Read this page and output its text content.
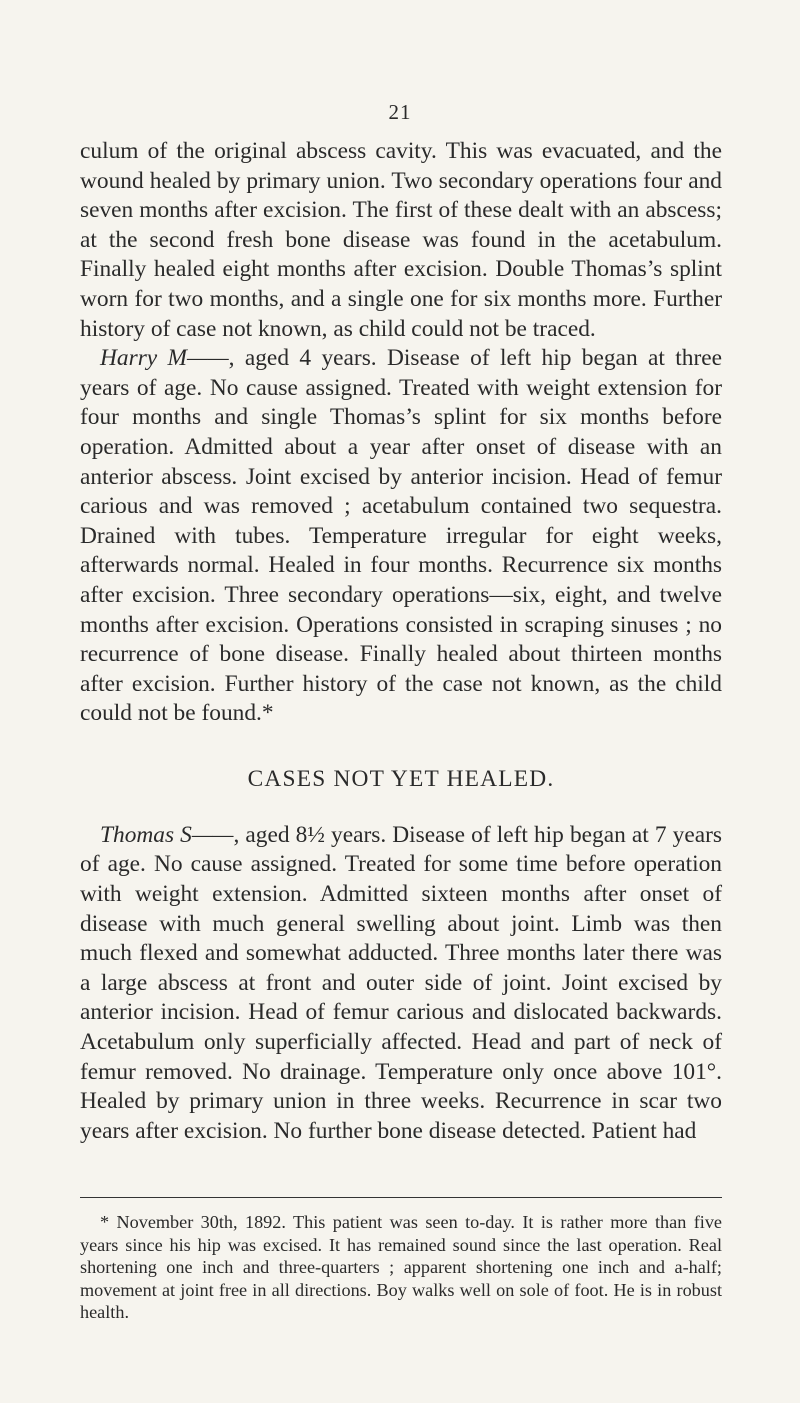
21

culum of the original abscess cavity. This was evacuated, and the wound healed by primary union. Two secondary operations four and seven months after excision. The first of these dealt with an abscess; at the second fresh bone disease was found in the acetabulum. Finally healed eight months after excision. Double Thomas’s splint worn for two months, and a single one for six months more. Further history of case not known, as child could not be traced.

Harry M——, aged 4 years. Disease of left hip began at three years of age. No cause assigned. Treated with weight extension for four months and single Thomas’s splint for six months before operation. Admitted about a year after onset of disease with an anterior abscess. Joint excised by anterior incision. Head of femur carious and was removed ; acetabulum contained two sequestra. Drained with tubes. Temperature irregular for eight weeks, afterwards normal. Healed in four months. Recurrence six months after excision. Three secondary operations—six, eight, and twelve months after excision. Operations consisted in scraping sinuses ; no recurrence of bone disease. Finally healed about thirteen months after excision. Further history of the case not known, as the child could not be found.*

CASES NOT YET HEALED.

Thomas S——, aged 8½ years. Disease of left hip began at 7 years of age. No cause assigned. Treated for some time before operation with weight extension. Admitted sixteen months after onset of disease with much general swelling about joint. Limb was then much flexed and somewhat adducted. Three months later there was a large abscess at front and outer side of joint. Joint excised by anterior incision. Head of femur carious and dislocated backwards. Acetabulum only superficially affected. Head and part of neck of femur removed. No drainage. Temperature only once above 101°. Healed by primary union in three weeks. Recurrence in scar two years after excision. No further bone disease detected. Patient had

* November 30th, 1892. This patient was seen to-day. It is rather more than five years since his hip was excised. It has remained sound since the last operation. Real shortening one inch and three-quarters ; apparent shortening one inch and a-half; movement at joint free in all directions. Boy walks well on sole of foot. He is in robust health.
